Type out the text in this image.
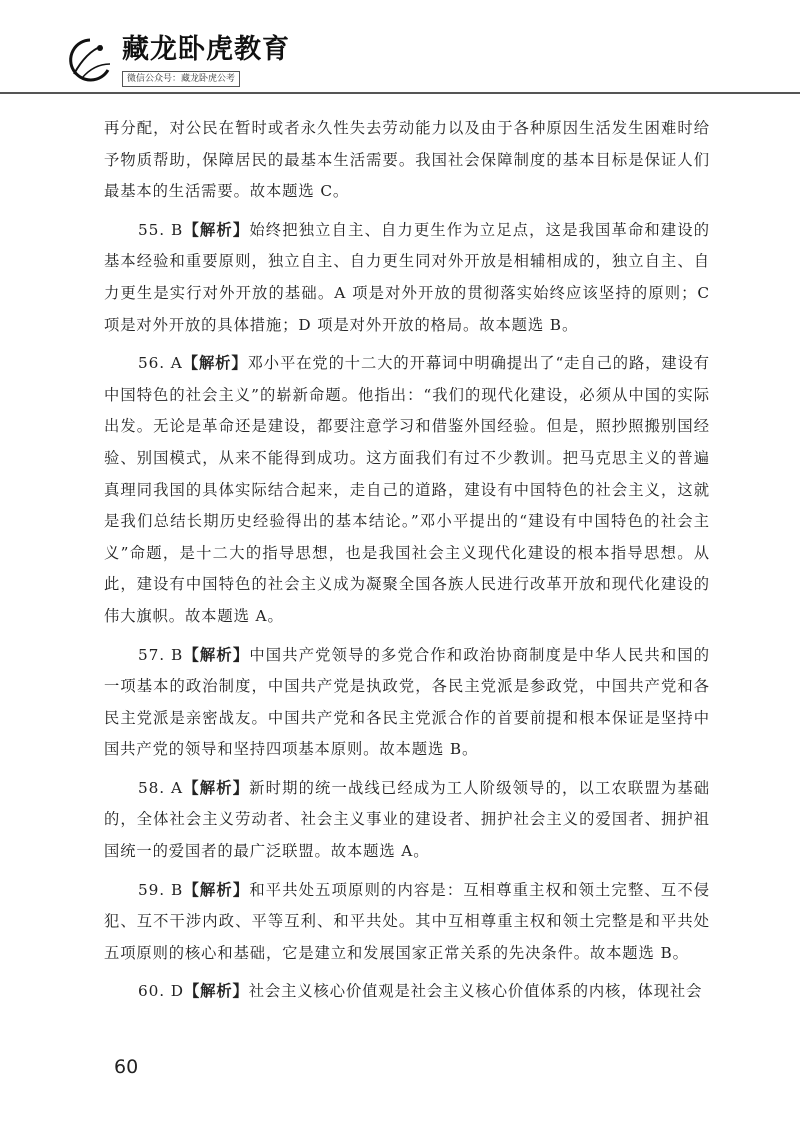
藏龙卧虎教育
微信公众号：藏龙卧虎公考

再分配，对公民在暂时或者永久性失去劳动能力以及由于各种原因生活发生困难时给予物质帮助，保障居民的最基本生活需要。我国社会保障制度的基本目标是保证人们最基本的生活需要。故本题选 C。

55. B【解析】始终把独立自主、自力更生作为立足点，这是我国革命和建设的基本经验和重要原则，独立自主、自力更生同对外开放是相辅相成的，独立自主、自力更生是实行对外开放的基础。A 项是对外开放的贯彻落实始终应该坚持的原则；C 项是对外开放的具体措施；D 项是对外开放的格局。故本题选 B。

56. A【解析】邓小平在党的十二大的开幕词中明确提出了“走自己的路，建设有中国特色的社会主义”的崭新命题。他指出：“我们的现代化建设，必须从中国的实际出发。无论是革命还是建设，都要注意学习和借鉴外国经验。但是，照抄照搬别国经验、别国模式，从来不能得到成功。这方面我们有过不少教训。把马克思主义的普遍真理同我国的具体实际结合起来，走自己的道路，建设有中国特色的社会主义，这就是我们总结长期历史经验得出的基本结论。”邓小平提出的“建设有中国特色的社会主义”命题，是十二大的指导思想，也是我国社会主义现代化建设的根本指导思想。从此，建设有中国特色的社会主义成为凝聚全国各族人民进行改革开放和现代化建设的伟大旗帜。故本题选 A。

57. B【解析】中国共产党领导的多党合作和政治协商制度是中华人民共和国的一项基本的政治制度，中国共产党是执政党，各民主党派是参政党，中国共产党和各民主党派是亲密战友。中国共产党和各民主党派合作的首要前提和根本保证是坚持中国共产党的领导和坚持四项基本原则。故本题选 B。

58. A【解析】新时期的统一战线已经成为工人阶级领导的，以工农联盟为基础的，全体社会主义劳动者、社会主义事业的建设者、拥护社会主义的爱国者、拥护祖国统一的爱国者的最广泛联盟。故本题选 A。

59. B【解析】和平共处五项原则的内容是：互相尊重主权和领土完整、互不侵犯、互不干涉内政、平等互利、和平共处。其中互相尊重主权和领土完整是和平共处五项原则的核心和基础，它是建立和发展国家正常关系的先决条件。故本题选 B。

60. D【解析】社会主义核心价值观是社会主义核心价值体系的内核，体现社会

60
